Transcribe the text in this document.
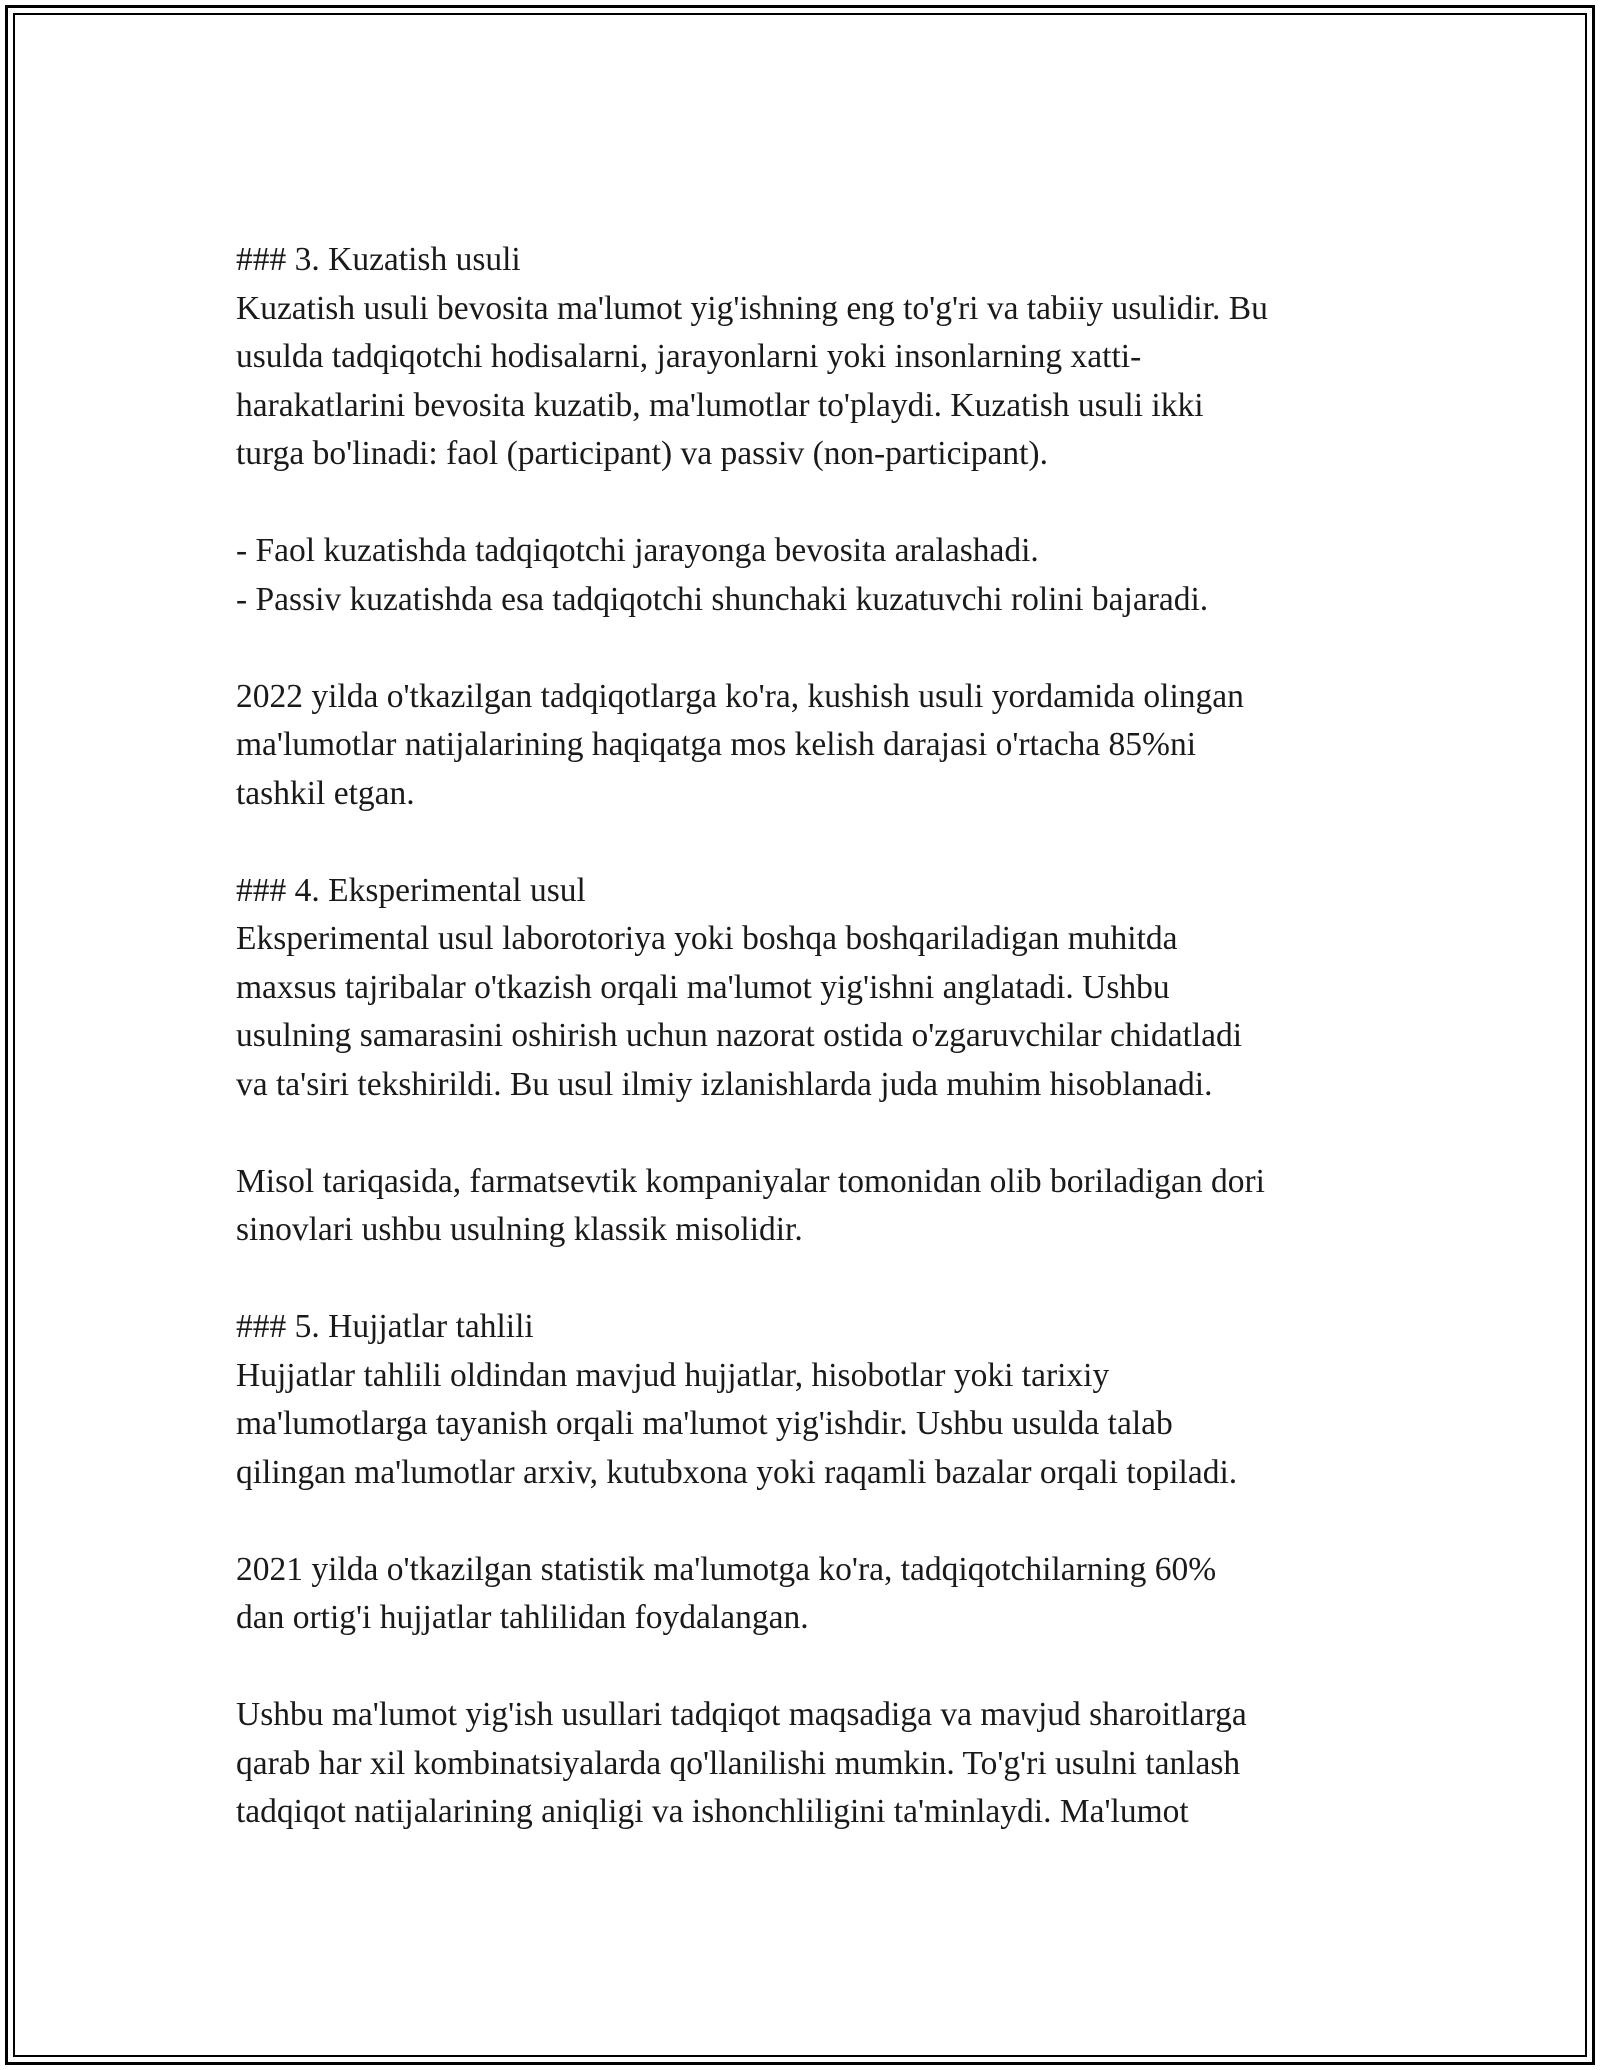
### 3. Kuzatish usuli
Kuzatish usuli bevosita ma'lumot yig'ishning eng to'g'ri va tabiiy usulidir. Bu
usulda tadqiqotchi hodisalarni, jarayonlarni yoki insonlarning xatti-
harakatlarini bevosita kuzatib, ma'lumotlar to'playdi. Kuzatish usuli ikki
turga bo'linadi: faol (participant) va passiv (non-participant).
- Faol kuzatishda tadqiqotchi jarayonga bevosita aralashadi.
- Passiv kuzatishda esa tadqiqotchi shunchaki kuzatuvchi rolini bajaradi.
2022 yilda o'tkazilgan tadqiqotlarga ko'ra, kushish usuli yordamida olingan
ma'lumotlar natijalarining haqiqatga mos kelish darajasi o'rtacha 85%ni
tashkil etgan.
### 4. Eksperimental usul
Eksperimental usul laborotoriya yoki boshqa boshqariladigan muhitda
maxsus tajribalar o'tkazish orqali ma'lumot yig'ishni anglatadi. Ushbu
usulning samarasini oshirish uchun nazorat ostida o'zgaruvchilar chidatladi
va ta'siri tekshirildi. Bu usul ilmiy izlanishlarda juda muhim hisoblanadi.
Misol tariqasida, farmatsevtik kompaniyalar tomonidan olib boriladigan dori
sinovlari ushbu usulning klassik misolidir.
### 5. Hujjatlar tahlili
Hujjatlar tahlili oldindan mavjud hujjatlar, hisobotlar yoki tarixiy
ma'lumotlarga tayanish orqali ma'lumot yig'ishdir. Ushbu usulda talab
qilingan ma'lumotlar arxiv, kutubxona yoki raqamli bazalar orqali topiladi.
2021 yilda o'tkazilgan statistik ma'lumotga ko'ra, tadqiqotchilarning 60%
dan ortig'i hujjatlar tahlilidan foydalangan.
Ushbu ma'lumot yig'ish usullari tadqiqot maqsadiga va mavjud sharoitlarga
qarab har xil kombinatsiyalarda qo'llanilishi mumkin. To'g'ri usulni tanlash
tadqiqot natijalarining aniqligi va ishonchliligini ta'minlaydi. Ma'lumot
